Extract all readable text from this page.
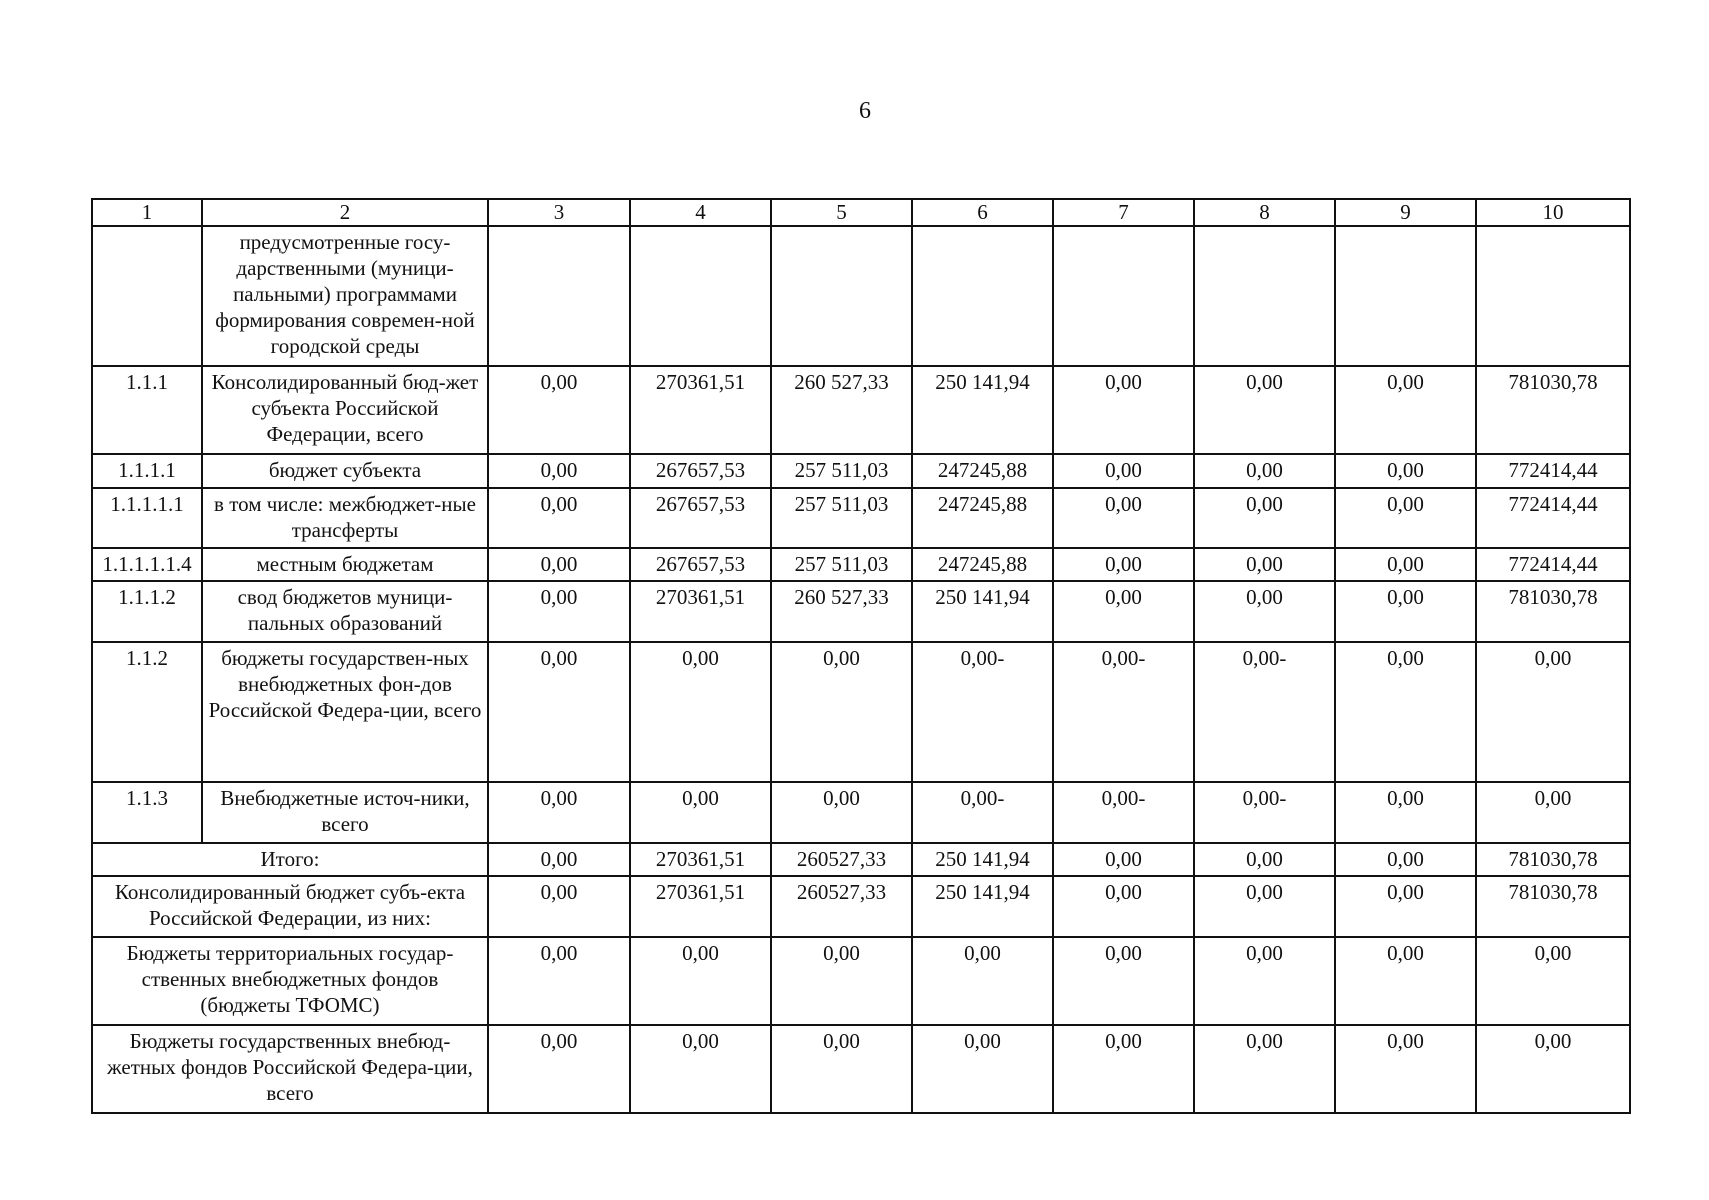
6
1	2	3	4	5	6	7	8	9	10
	предусмотренные госу-дарственными (муници-пальными) программами формирования современ-ной городской среды								
1.1.1	Консолидированный бюд-жет субъекта Российской Федерации, всего	0,00	270361,51	260 527,33	250 141,94	0,00	0,00	0,00	781030,78
1.1.1.1	бюджет субъекта	0,00	267657,53	257 511,03	247245,88	0,00	0,00	0,00	772414,44
1.1.1.1.1	в том числе: межбюджет-ные трансферты	0,00	267657,53	257 511,03	247245,88	0,00	0,00	0,00	772414,44
1.1.1.1.1.4	местным бюджетам	0,00	267657,53	257 511,03	247245,88	0,00	0,00	0,00	772414,44
1.1.1.2	свод бюджетов муници-пальных образований	0,00	270361,51	260 527,33	250 141,94	0,00	0,00	0,00	781030,78
1.1.2	бюджеты государствен-ных внебюджетных фон-дов Российской Федера-ции, всего	0,00	0,00	0,00	0,00-	0,00-	0,00-	0,00	0,00
1.1.3	Внебюджетные источ-ники, всего	0,00	0,00	0,00	0,00-	0,00-	0,00-	0,00	0,00
Итого:		0,00	270361,51	260527,33	250 141,94	0,00	0,00	0,00	781030,78
Консолидированный бюджет субъ-екта Российской Федерации, из них:		0,00	270361,51	260527,33	250 141,94	0,00	0,00	0,00	781030,78
Бюджеты территориальных государ-ственных внебюджетных фондов (бюджеты ТФОМС)		0,00	0,00	0,00	0,00	0,00	0,00	0,00	0,00
Бюджеты государственных внебюд-жетных фондов Российской Федера-ции, всего		0,00	0,00	0,00	0,00	0,00	0,00	0,00	0,00
